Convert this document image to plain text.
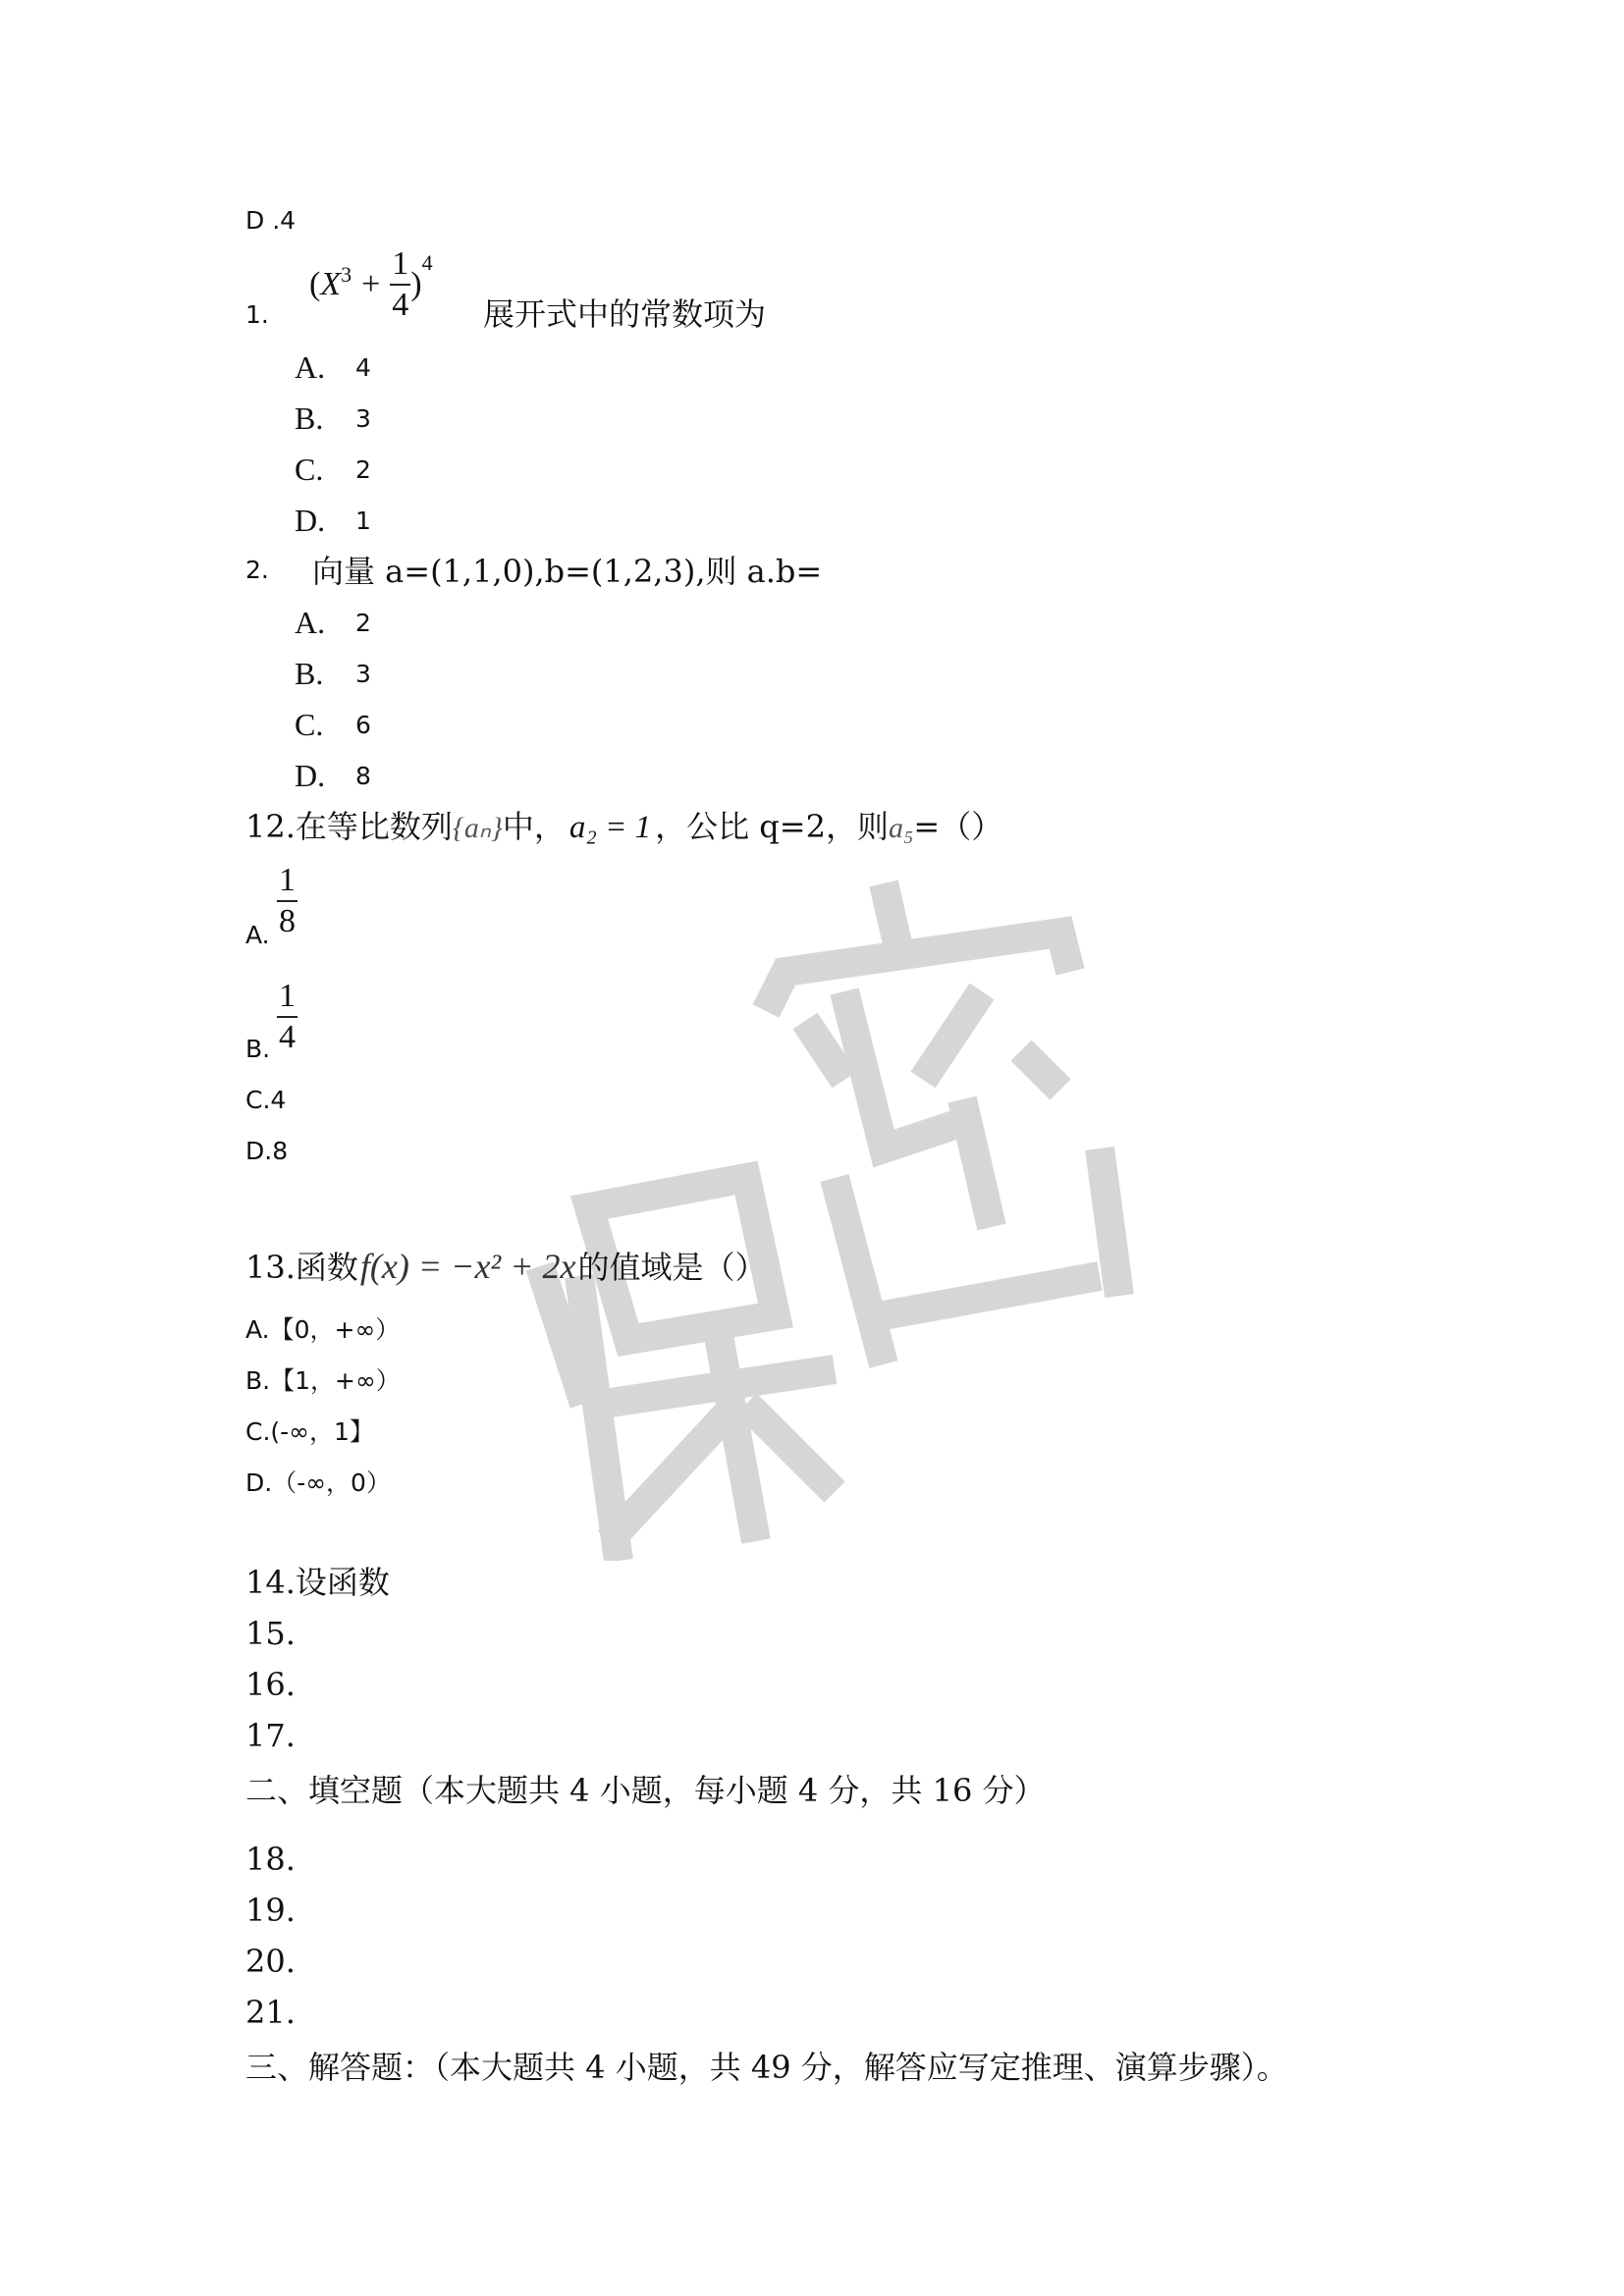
D .4
1.
( $X^3 + \frac{1}{4}$ )
$^4$
展开式中的常数项为
A. 4
B. 3
C. 2
D. 1
2. 向量 a=(1,1,0),b=(1,2,3),则 a.b=
A. 2
B. 3
C. 6
D. 8
12.在等比数列 {aₙ} 中， a₂ = 1 ，公比 q=2，则 a₅ =（）
A. $\frac{1}{8}$
B. $\frac{1}{4}$
C.4
D.8
13.函数 f(x) = −x² + 2x 的值域是（）
A.【0，+∞）
B.【1，+∞）
C.(-∞，1】
D.（-∞，0）
14.设函数
15.
16.
17.
二、填空题（本大题共 4 小题，每小题 4 分，共 16 分）
18.
19.
20.
21.
三、解答题：（本大题共 4 小题，共 49 分，解答应写定推理、演算步骤）。
